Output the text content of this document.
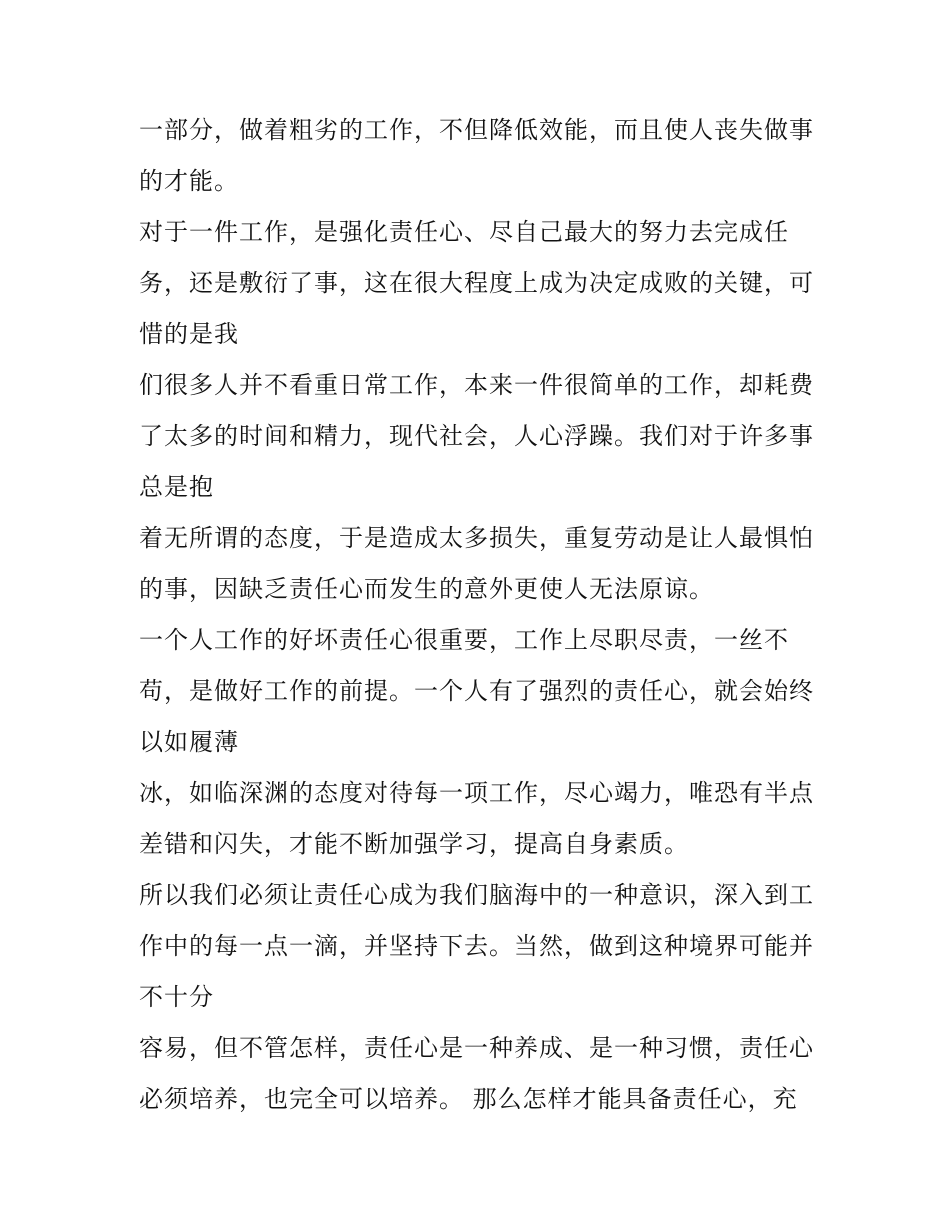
一部分，做着粗劣的工作，不但降低效能，而且使人丧失做事
的才能。
对于一件工作，是强化责任心、尽自己最大的努力去完成任
务，还是敷衍了事，这在很大程度上成为决定成败的关键，可
惜的是我
们很多人并不看重日常工作，本来一件很简单的工作，却耗费
了太多的时间和精力，现代社会，人心浮躁。我们对于许多事
总是抱
着无所谓的态度，于是造成太多损失，重复劳动是让人最惧怕
的事，因缺乏责任心而发生的意外更使人无法原谅。
一个人工作的好坏责任心很重要，工作上尽职尽责，一丝不
苟，是做好工作的前提。一个人有了强烈的责任心，就会始终
以如履薄
冰，如临深渊的态度对待每一项工作，尽心竭力，唯恐有半点
差错和闪失，才能不断加强学习，提高自身素质。
所以我们必须让责任心成为我们脑海中的一种意识，深入到工
作中的每一点一滴，并坚持下去。当然，做到这种境界可能并
不十分
容易，但不管怎样，责任心是一种养成、是一种习惯，责任心
必须培养，也完全可以培养。 那么怎样才能具备责任心，充
